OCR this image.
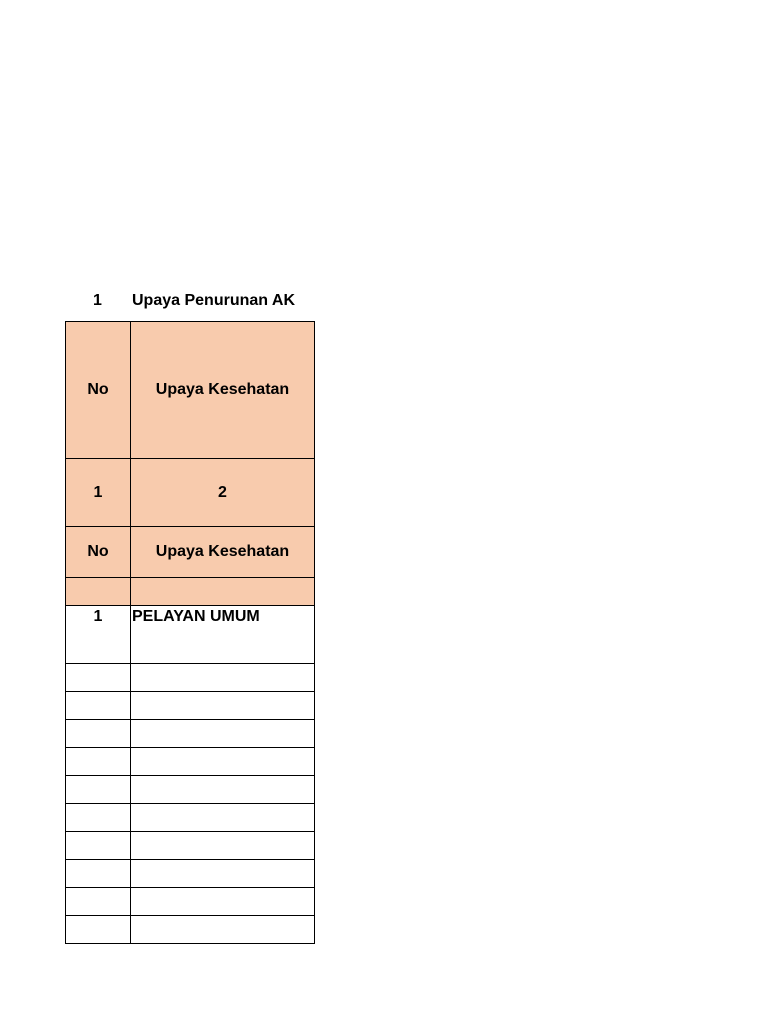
1	Upaya Penurunan AK
No	Upaya Kesehatan
1	2
No	Upaya Kesehatan

1	PELAYAN UMUM
